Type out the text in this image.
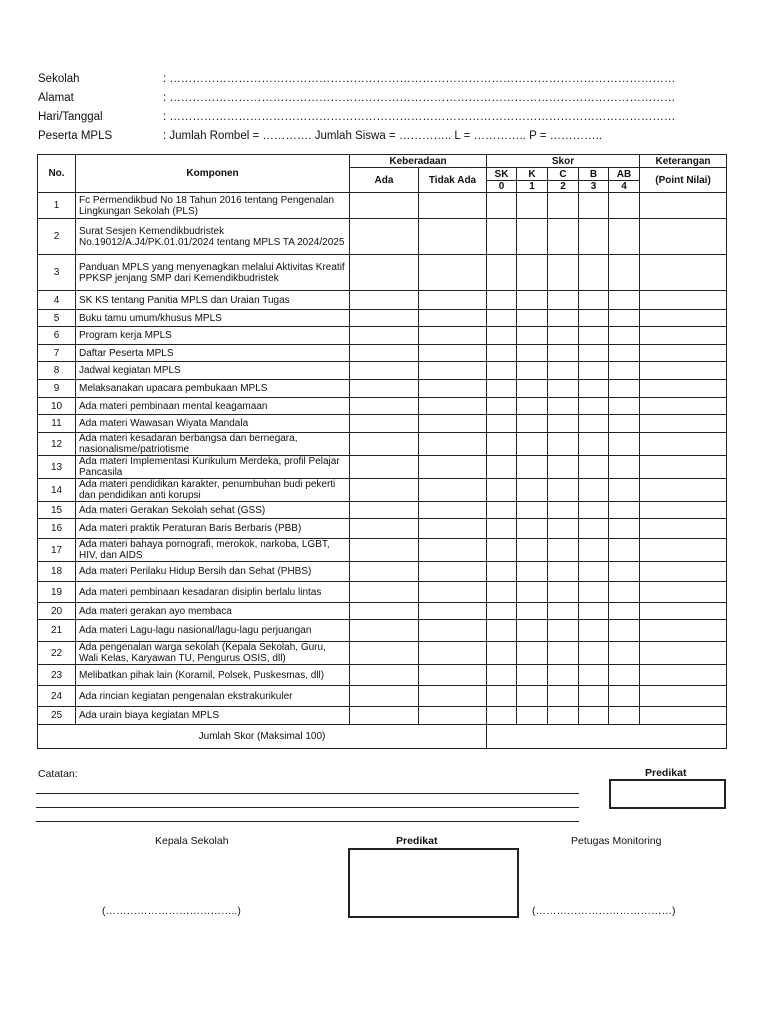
Sekolah	: ……………………………………………………………………………………………………………………
Alamat	: ……………………………………………………………………………………………………………………
Hari/Tanggal	: ……………………………………………………………………………………………………………………
Peserta MPLS	: Jumlah Rombel = …………. Jumlah Siswa = ………….. L = ………….. P = …………..
No.	Komponen	Keberadaan		Skor					Keterangan
		Ada	Tidak Ada	SK	K	C	B	AB	(Point Nilai)
				0	1	2	3	4	
1	Fc Permendikbud No 18 Tahun 2016 tentang Pengenalan Lingkungan Sekolah (PLS)								
2	Surat Sesjen Kemendikbudristek No.19012/A.J4/PK.01.01/2024 tentang MPLS TA 2024/2025								
3	Panduan MPLS yang menyenagkan melalui Aktivitas Kreatif PPKSP jenjang SMP dari Kemendikbudristek								
4	SK KS tentang Panitia MPLS dan Uraian Tugas								
5	Buku tamu umum/khusus MPLS								
6	Program kerja MPLS								
7	Daftar Peserta MPLS								
8	Jadwal kegiatan MPLS								
9	Melaksanakan upacara pembukaan MPLS								
10	Ada materi pembinaan mental keagamaan								
11	Ada materi Wawasan Wiyata Mandala								
12	Ada materi kesadaran berbangsa dan bernegara, nasionalisme/patriotisme								
13	Ada materi Implementasi Kurikulum Merdeka, profil Pelajar Pancasila								
14	Ada materi pendidikan karakter, penumbuhan budi pekerti dan pendidikan anti korupsi								
15	Ada materi Gerakan Sekolah sehat (GSS)								
16	Ada materi praktik Peraturan Baris Berbaris (PBB)								
17	Ada materi bahaya pornografi, merokok, narkoba, LGBT, HIV, dan AIDS								
18	Ada materi Perilaku Hidup Bersih dan Sehat (PHBS)								
19	Ada materi pembinaan kesadaran disiplin berlalu lintas								
20	Ada materi gerakan ayo membaca								
21	Ada materi Lagu-lagu nasional/lagu-lagu perjuangan								
22	Ada pengenalan warga sekolah (Kepala Sekolah, Guru, Wali Kelas, Karyawan TU, Pengurus OSIS, dll)								
23	Melibatkan pihak lain (Koramil, Polsek, Puskesmas, dll)								
24	Ada rincian kegiatan pengenalan ekstrakurikuler								
25	Ada urain biaya kegiatan MPLS								
Jumlah Skor (Maksimal 100)									
Catatan:	Predikat
Kepala Sekolah	Predikat	Petugas Monitoring
(………………………………..)	(…………………………………)
